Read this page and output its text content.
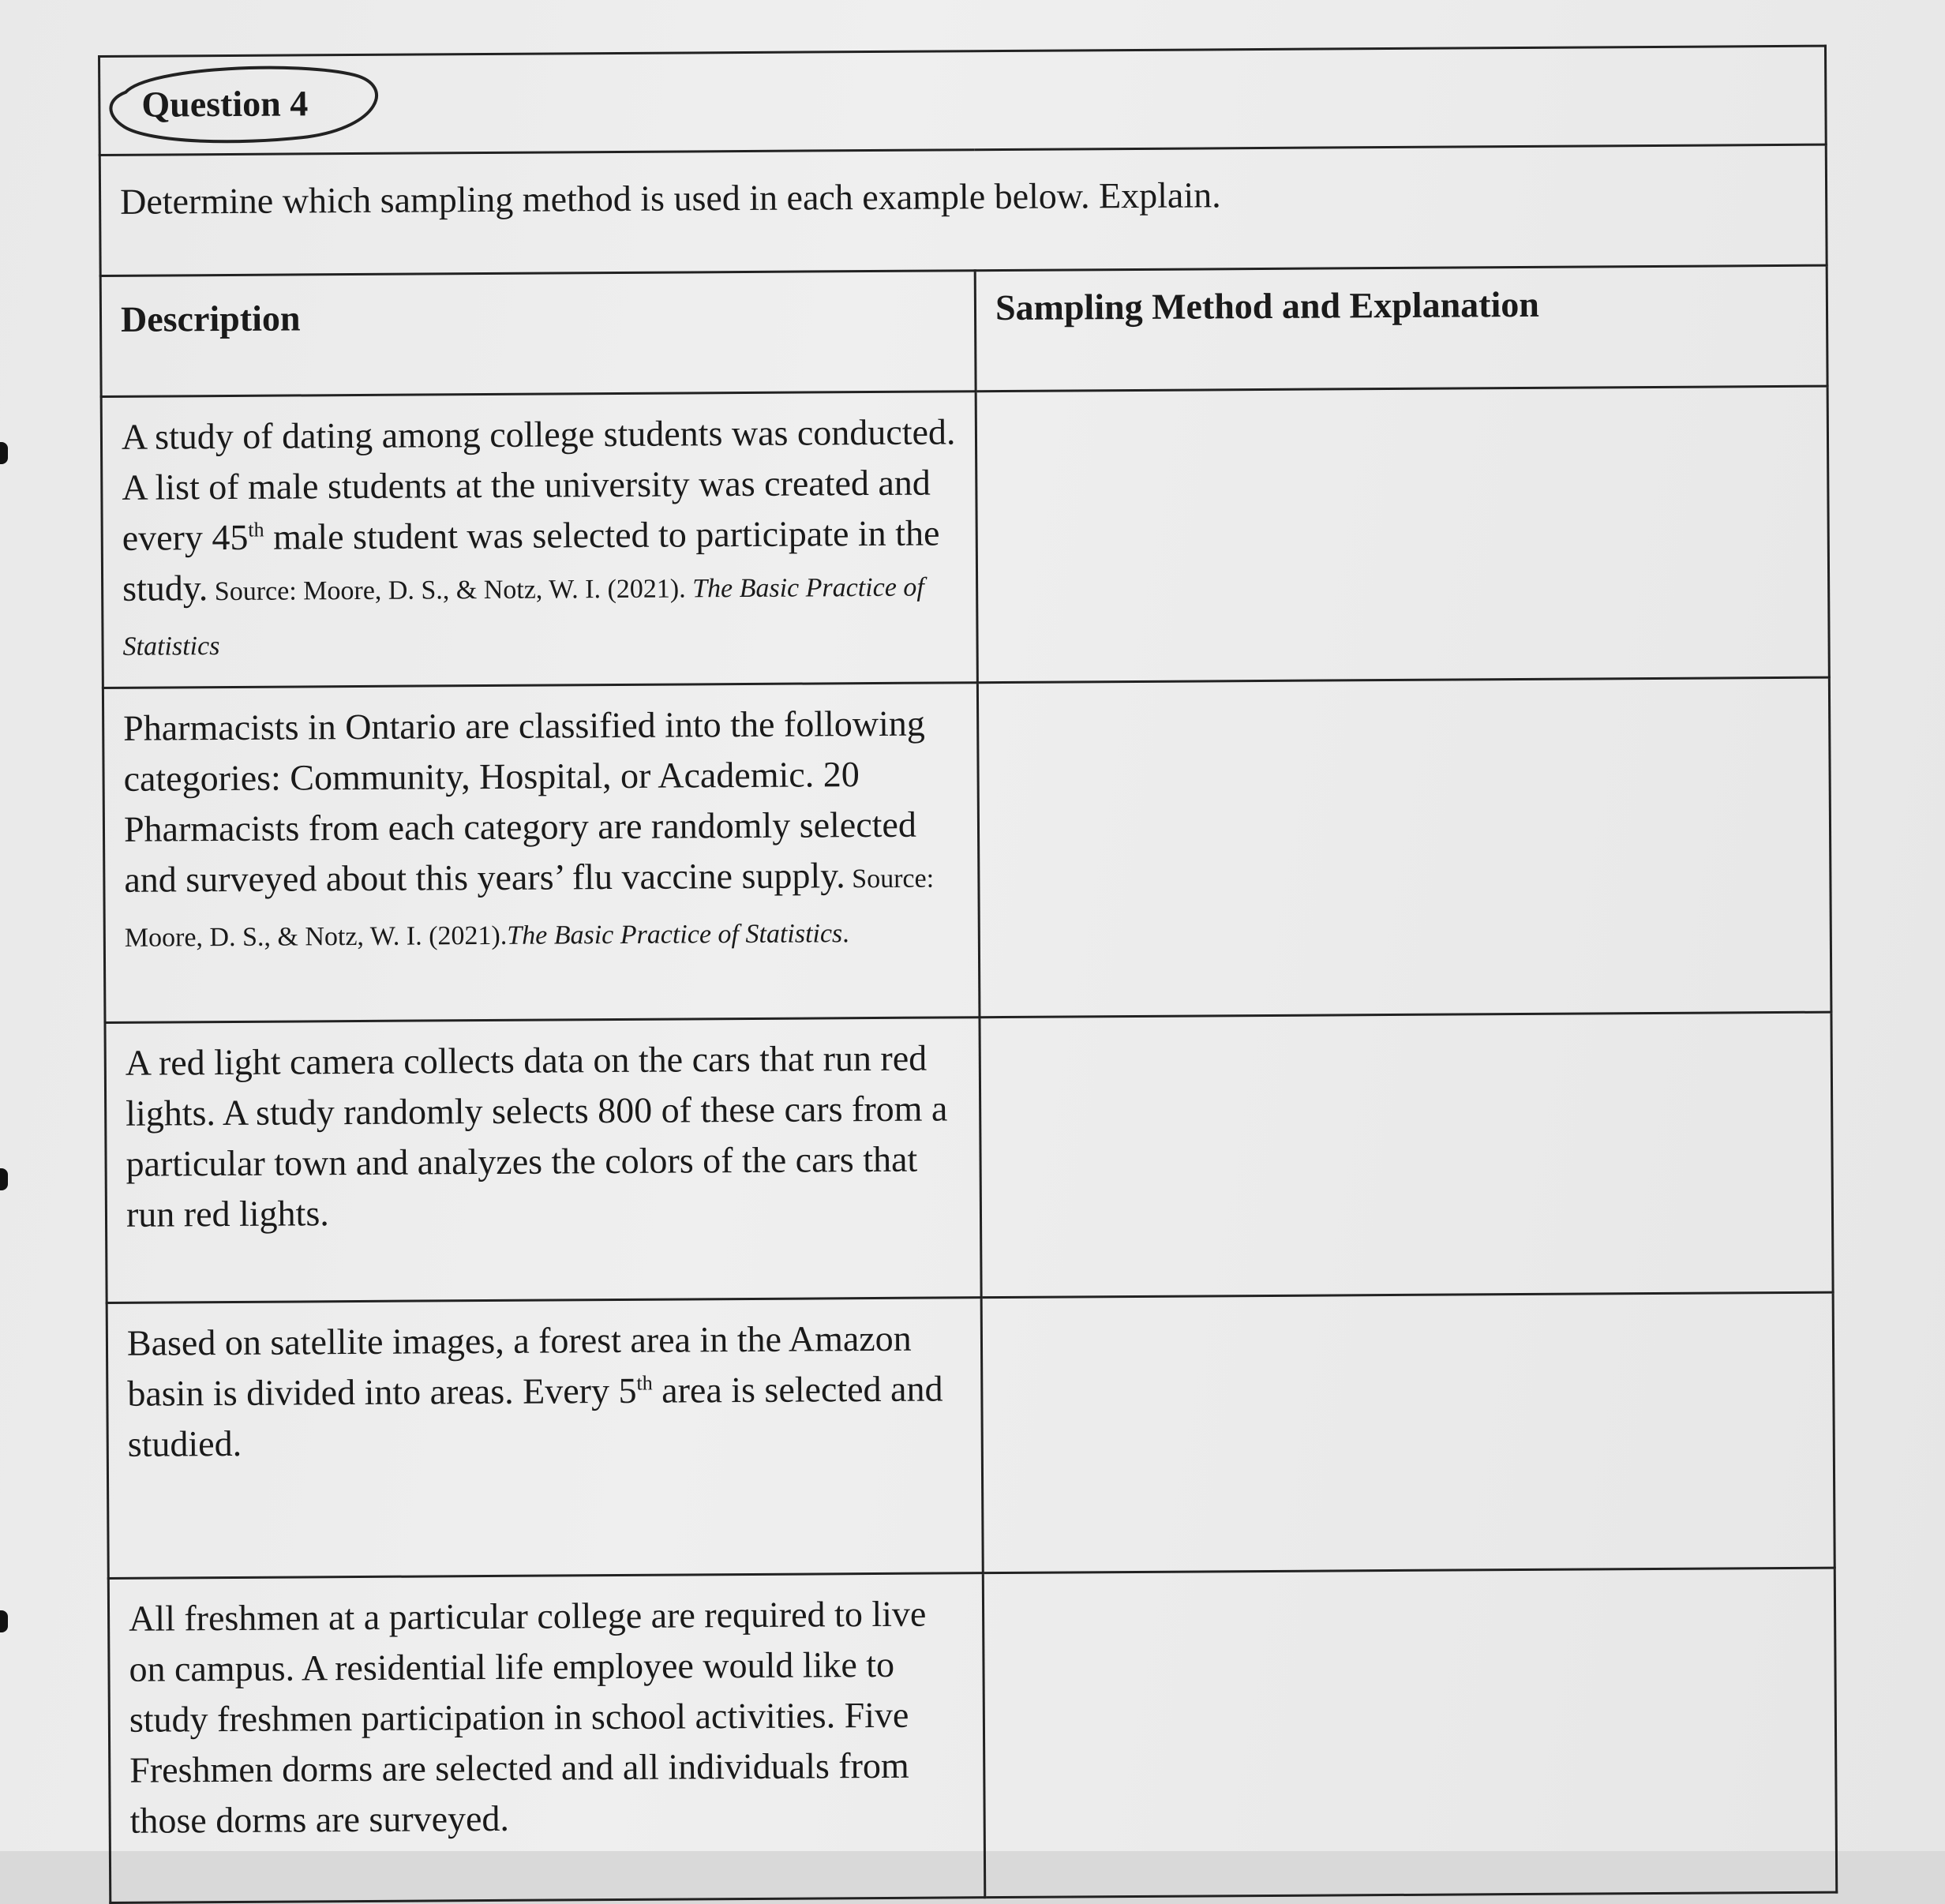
Question 4	
Determine which sampling method is used in each example below. Explain.	
Description	Sampling Method and Explanation
A study of dating among college students was conducted. A list of male students at the university was created and every 45th male student was selected to participate in the study. Source: Moore, D. S., & Notz, W. I. (2021). The Basic Practice of Statistics	
Pharmacists in Ontario are classified into the following categories: Community, Hospital, or Academic. 20 Pharmacists from each category are randomly selected and surveyed about this years’ flu vaccine supply. Source: Moore, D. S., & Notz, W. I. (2021).The Basic Practice of Statistics.	
A red light camera collects data on the cars that run red lights. A study randomly selects 800 of these cars from a particular town and analyzes the colors of the cars that run red lights.	
Based on satellite images, a forest area in the Amazon basin is divided into areas. Every 5th area is selected and studied.	
All freshmen at a particular college are required to live on campus. A residential life employee would like to study freshmen participation in school activities. Five Freshmen dorms are selected and all individuals from those dorms are surveyed.	
